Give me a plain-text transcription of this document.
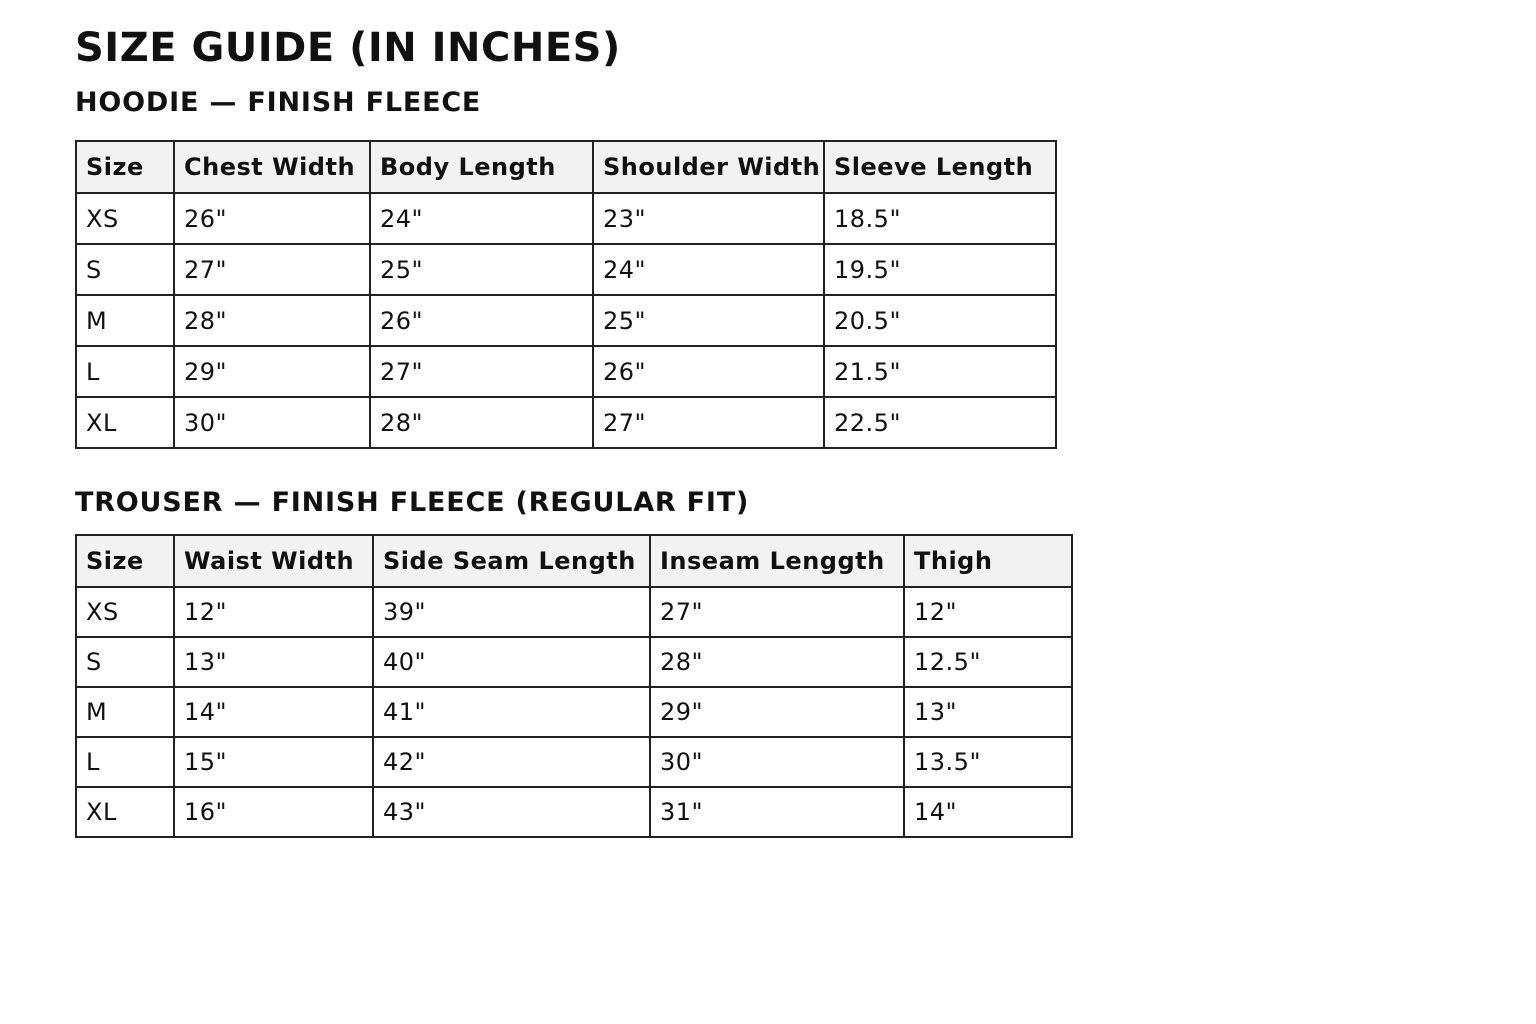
SIZE GUIDE (IN INCHES)
HOODIE — FINISH FLEECE
Size	Chest Width	Body Length	Shoulder Width	Sleeve Length
XS	26"	24"	23"	18.5"
S	27"	25"	24"	19.5"
M	28"	26"	25"	20.5"
L	29"	27"	26"	21.5"
XL	30"	28"	27"	22.5"
TROUSER — FINISH FLEECE (REGULAR FIT)
Size	Waist Width	Side Seam Length	Inseam Lenggth	Thigh
XS	12"	39"	27"	12"
S	13"	40"	28"	12.5"
M	14"	41"	29"	13"
L	15"	42"	30"	13.5"
XL	16"	43"	31"	14"
